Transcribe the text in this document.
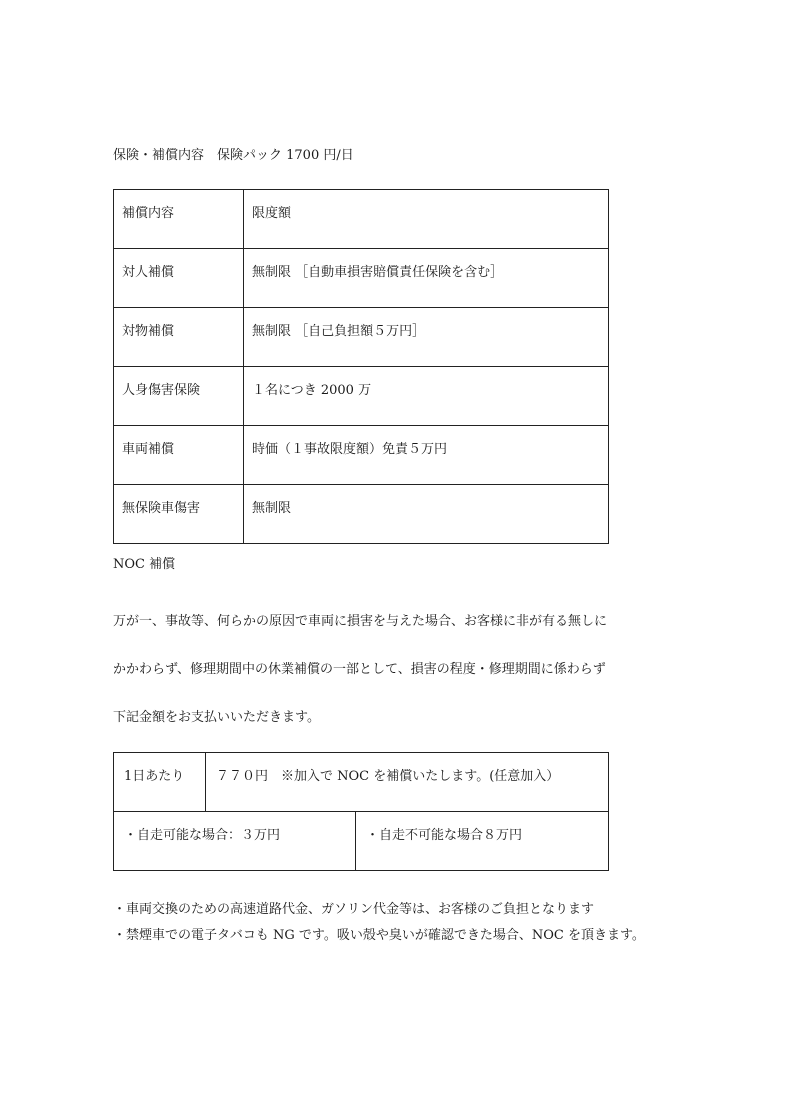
保険・補償内容　保険パック 1700 円/日
補償内容	限度額

対人補償	無制限 ［自動車損害賠償責任保険を含む］

対物補償	無制限 ［自己負担額５万円］

人身傷害保険	１名につき 2000 万

車両補償	時価（１事故限度額）免責５万円

無保険車傷害	無制限
NOC 補償
万が一、事故等、何らかの原因で車両に損害を与えた場合、お客様に非が有る無しに
かかわらず、修理期間中の休業補償の一部として、損害の程度・修理期間に係わらず
下記金額をお支払いいただきます。
1日あたり	７７０円　※加入で NOC を補償いたします。(任意加入）	

・自走可能な場合：３万円		・自走不可能な場合８万円
・車両交換のための高速道路代金、ガソリン代金等は、お客様のご負担となります
・禁煙車での電子タバコも NG です。吸い殻や臭いが確認できた場合、NOC を頂きます。
